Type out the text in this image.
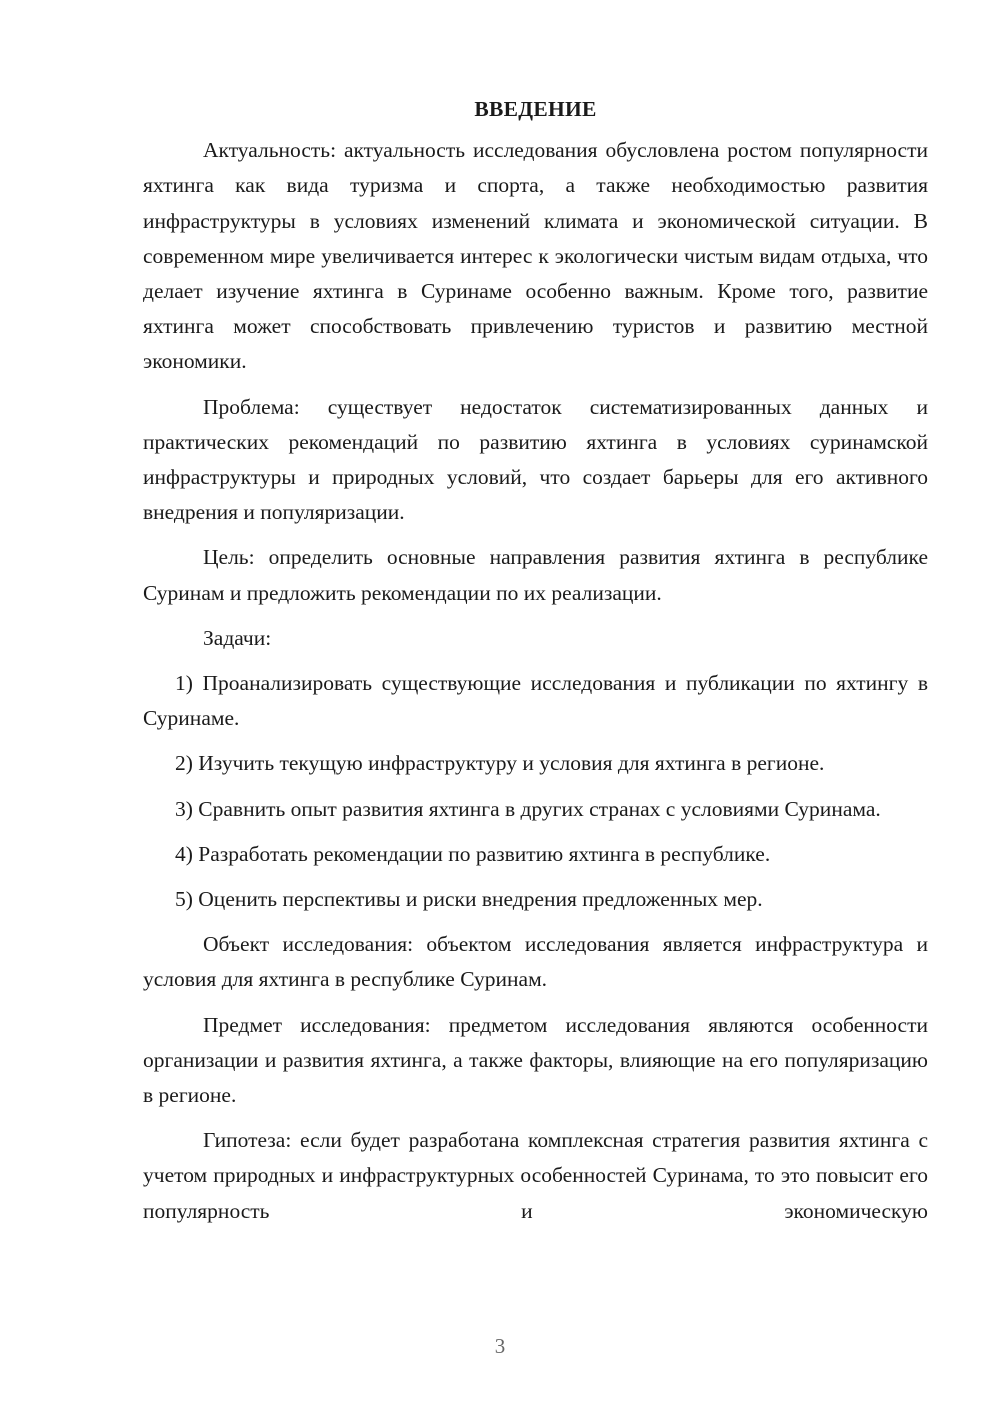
ВВЕДЕНИЕ

Актуальность: актуальность исследования обусловлена ростом популярности яхтинга как вида туризма и спорта, а также необходимостью развития инфраструктуры в условиях изменений климата и экономической ситуации. В современном мире увеличивается интерес к экологически чистым видам отдыха, что делает изучение яхтинга в Суринаме особенно важным. Кроме того, развитие яхтинга может способствовать привлечению туристов и развитию местной экономики.

Проблема: существует недостаток систематизированных данных и практических рекомендаций по развитию яхтинга в условиях суринамской инфраструктуры и природных условий, что создает барьеры для его активного внедрения и популяризации.

Цель: определить основные направления развития яхтинга в республике Суринам и предложить рекомендации по их реализации.

Задачи:

1) Проанализировать существующие исследования и публикации по яхтингу в Суринаме.

2) Изучить текущую инфраструктуру и условия для яхтинга в регионе.

3) Сравнить опыт развития яхтинга в других странах с условиями Суринама.

4) Разработать рекомендации по развитию яхтинга в республике.

5) Оценить перспективы и риски внедрения предложенных мер.

Объект исследования: объектом исследования является инфраструктура и условия для яхтинга в республике Суринам.

Предмет исследования: предметом исследования являются особенности организации и развития яхтинга, а также факторы, влияющие на его популяризацию в регионе.

Гипотеза: если будет разработана комплексная стратегия развития яхтинга с учетом природных и инфраструктурных особенностей Суринама, то это повысит его популярность и экономическую

3
